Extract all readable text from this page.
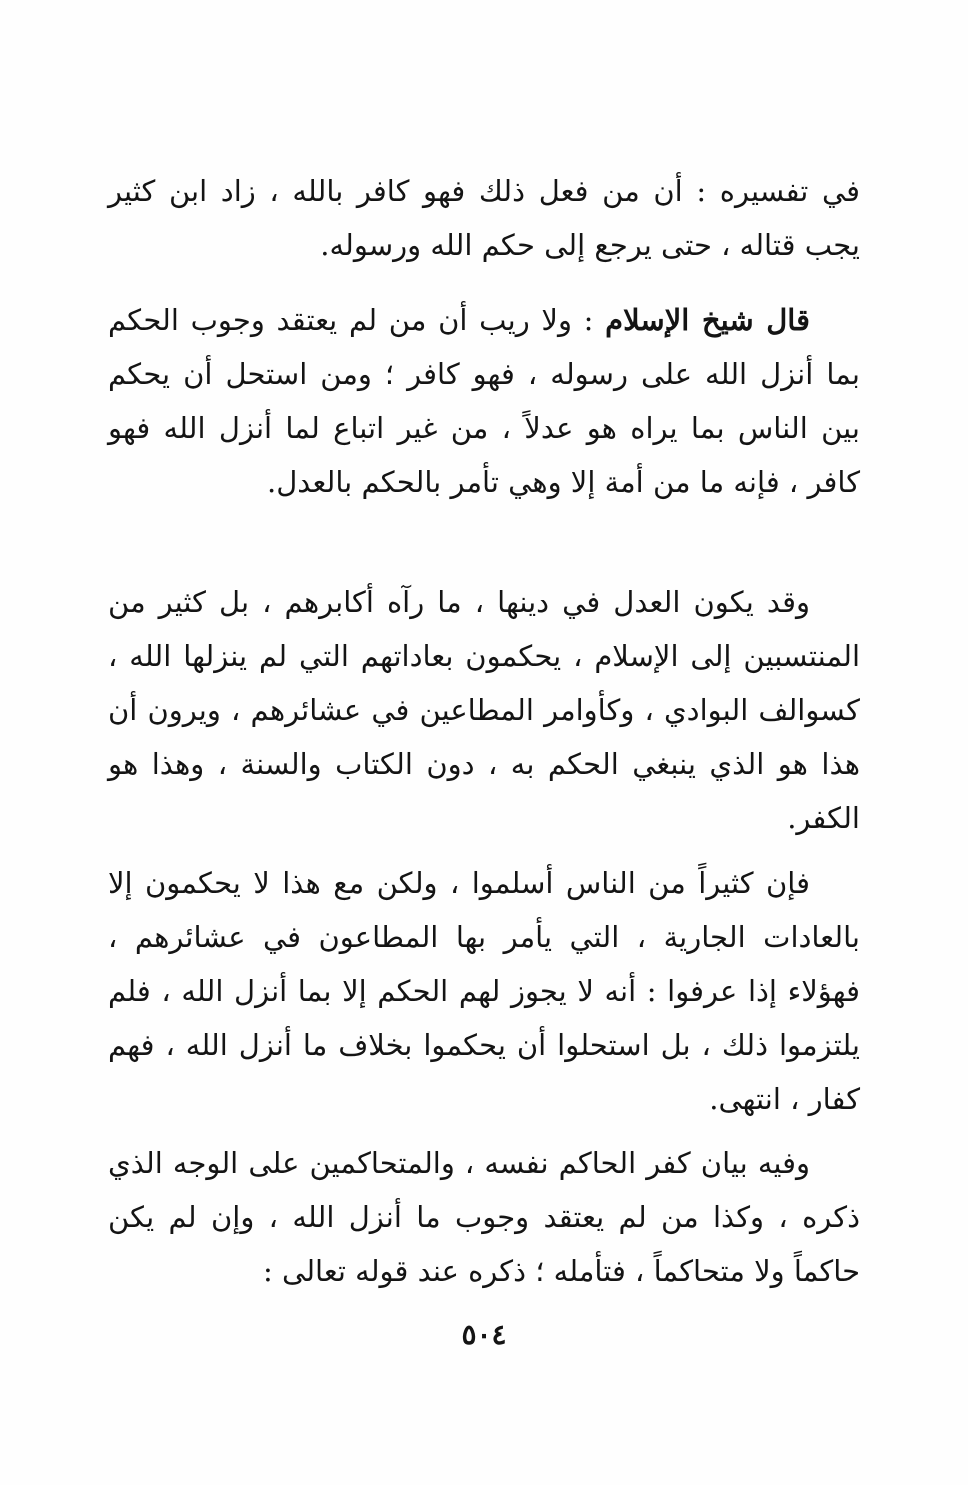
في تفسيره : أن من فعل ذلك فهو كافر بالله ، زاد ابن كثير يجب قتاله ، حتى يرجع إلى حكم الله ورسوله.

قال شيخ الإسلام : ولا ريب أن من لم يعتقد وجوب الحكم بما أنزل الله على رسوله ، فهو كافر ؛ ومن استحل أن يحكم بين الناس بما يراه هو عدلاً ، من غير اتباع لما أنزل الله فهو كافر ، فإنه ما من أمة إلا وهي تأمر بالحكم بالعدل.

وقد يكون العدل في دينها ، ما رآه أكابرهم ، بل كثير من المنتسبين إلى الإسلام ، يحكمون بعاداتهم التي لم ينزلها الله ، كسوالف البوادي ، وكأوامر المطاعين في عشائرهم ، ويرون أن هذا هو الذي ينبغي الحكم به ، دون الكتاب والسنة ، وهذا هو الكفر.

فإن كثيراً من الناس أسلموا ، ولكن مع هذا لا يحكمون إلا بالعادات الجارية ، التي يأمر بها المطاعون في عشائرهم ، فهؤلاء إذا عرفوا : أنه لا يجوز لهم الحكم إلا بما أنزل الله ، فلم يلتزموا ذلك ، بل استحلوا أن يحكموا بخلاف ما أنزل الله ، فهم كفار ، انتهى.

وفيه بيان كفر الحاكم نفسه ، والمتحاكمين على الوجه الذي ذكره ، وكذا من لم يعتقد وجوب ما أنزل الله ، وإن لم يكن حاكماً ولا متحاكماً ، فتأمله ؛ ذكره عند قوله تعالى :

٥٠٤
